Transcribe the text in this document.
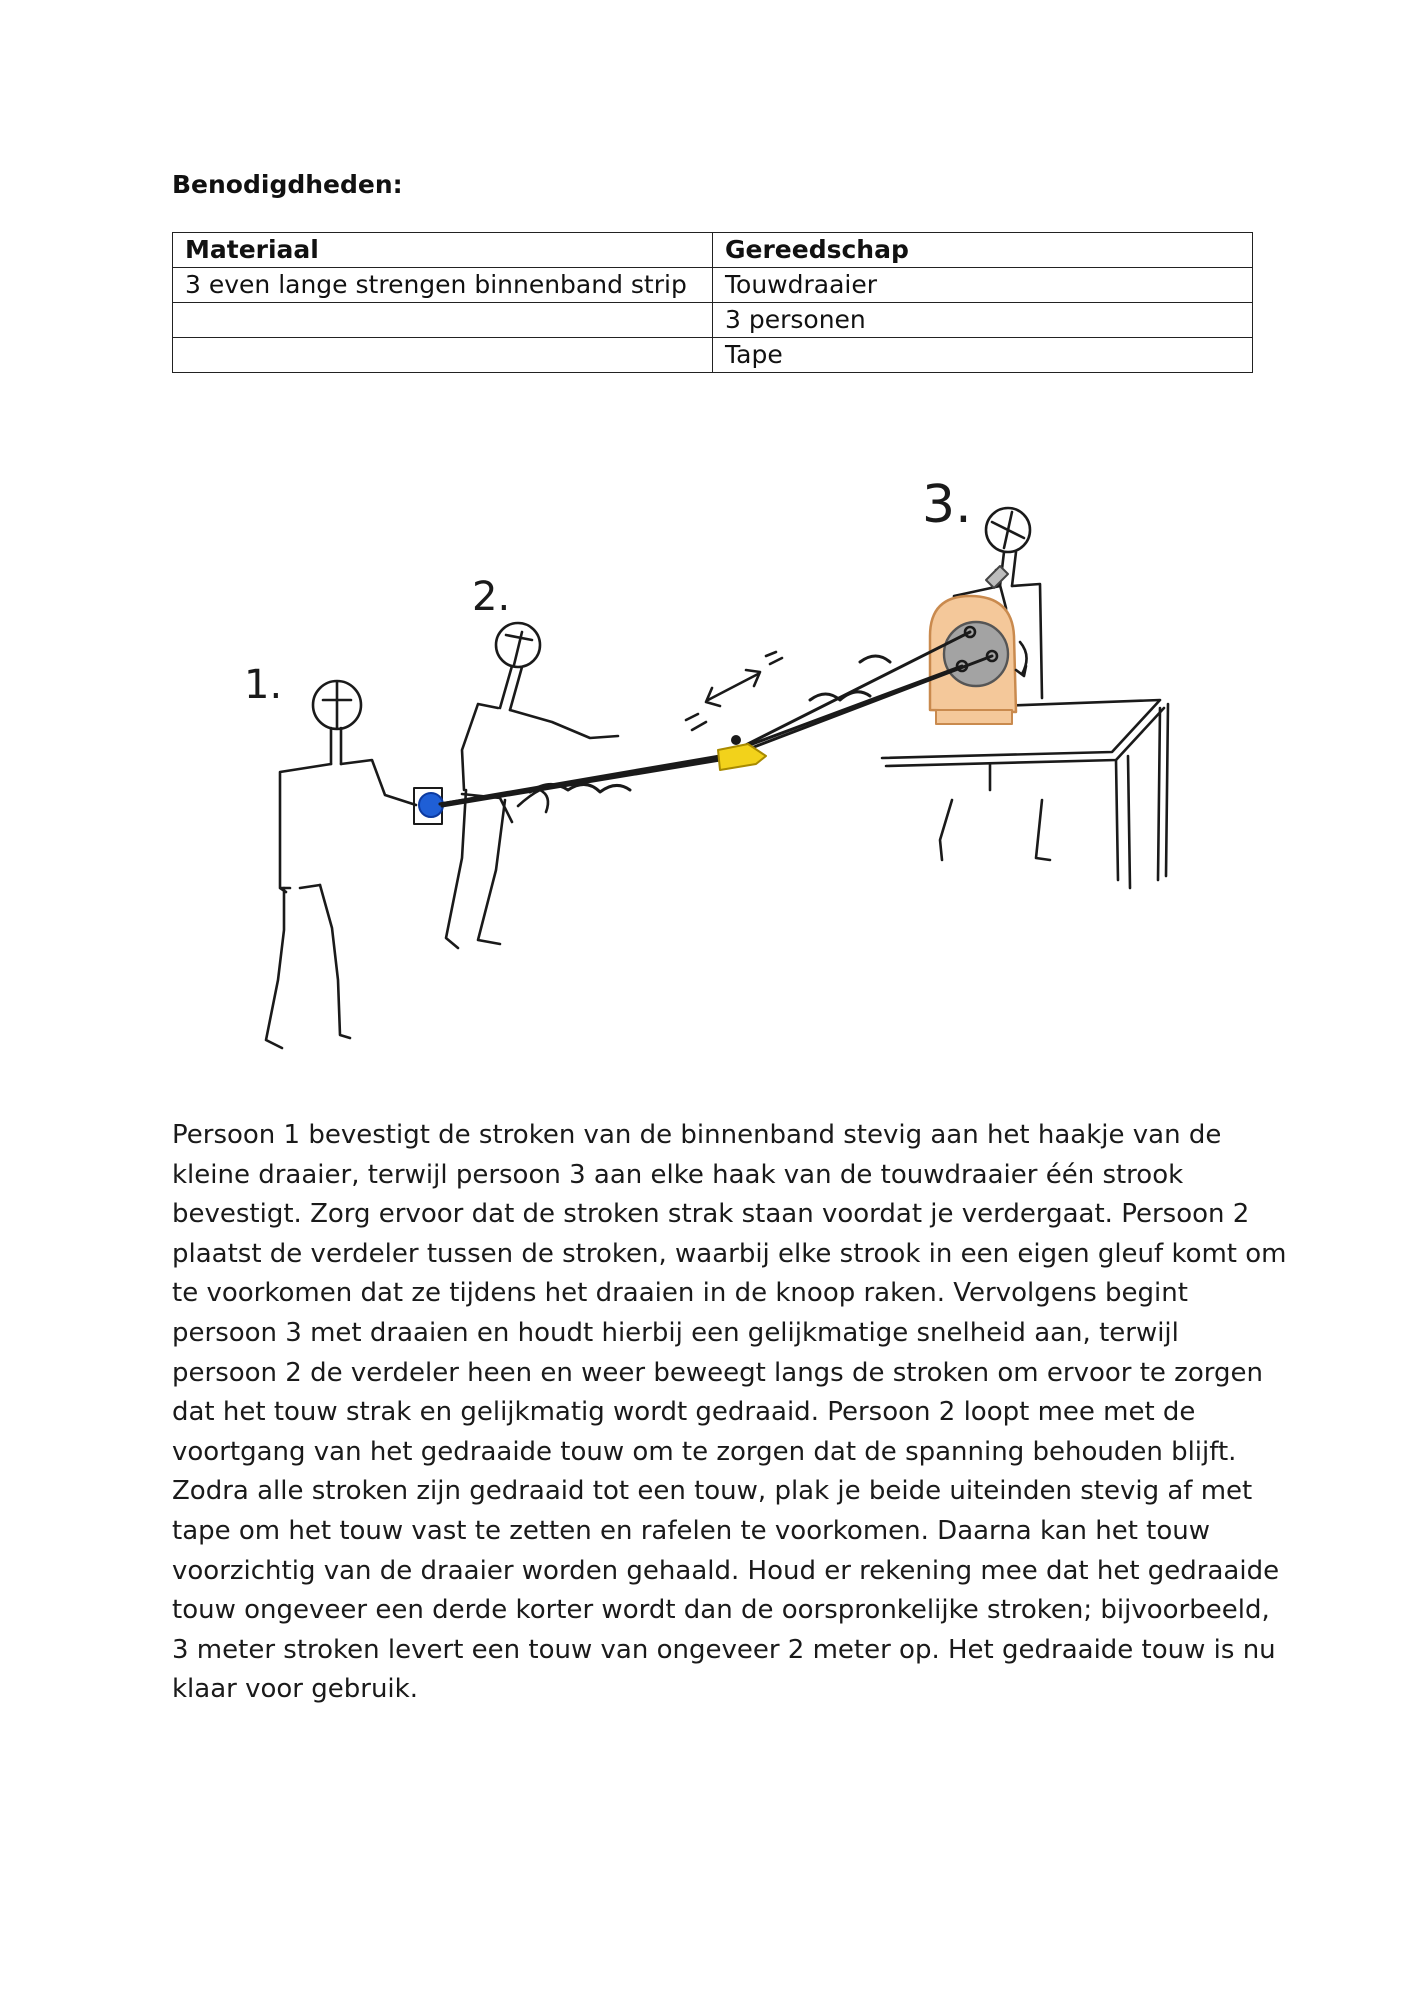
Benodigdheden:
Materiaal	Gereedschap
3 even lange strengen binnenband strip	Touwdraaier
	3 personen
	Tape
1.
2.
3.

Persoon 1 bevestigt de stroken van de binnenband stevig aan het haakje van de kleine draaier, terwijl persoon 3 aan elke haak van de touwdraaier één strook bevestigt. Zorg ervoor dat de stroken strak staan voordat je verdergaat. Persoon 2 plaatst de verdeler tussen de stroken, waarbij elke strook in een eigen gleuf komt om te voorkomen dat ze tijdens het draaien in de knoop raken. Vervolgens begint persoon 3 met draaien en houdt hierbij een gelijkmatige snelheid aan, terwijl persoon 2 de verdeler heen en weer beweegt langs de stroken om ervoor te zorgen dat het touw strak en gelijkmatig wordt gedraaid. Persoon 2 loopt mee met de voortgang van het gedraaide touw om te zorgen dat de spanning behouden blijft. Zodra alle stroken zijn gedraaid tot een touw, plak je beide uiteinden stevig af met tape om het touw vast te zetten en rafelen te voorkomen. Daarna kan het touw voorzichtig van de draaier worden gehaald. Houd er rekening mee dat het gedraaide touw ongeveer een derde korter wordt dan de oorspronkelijke stroken; bijvoorbeeld, 3 meter stroken levert een touw van ongeveer 2 meter op. Het gedraaide touw is nu klaar voor gebruik.
